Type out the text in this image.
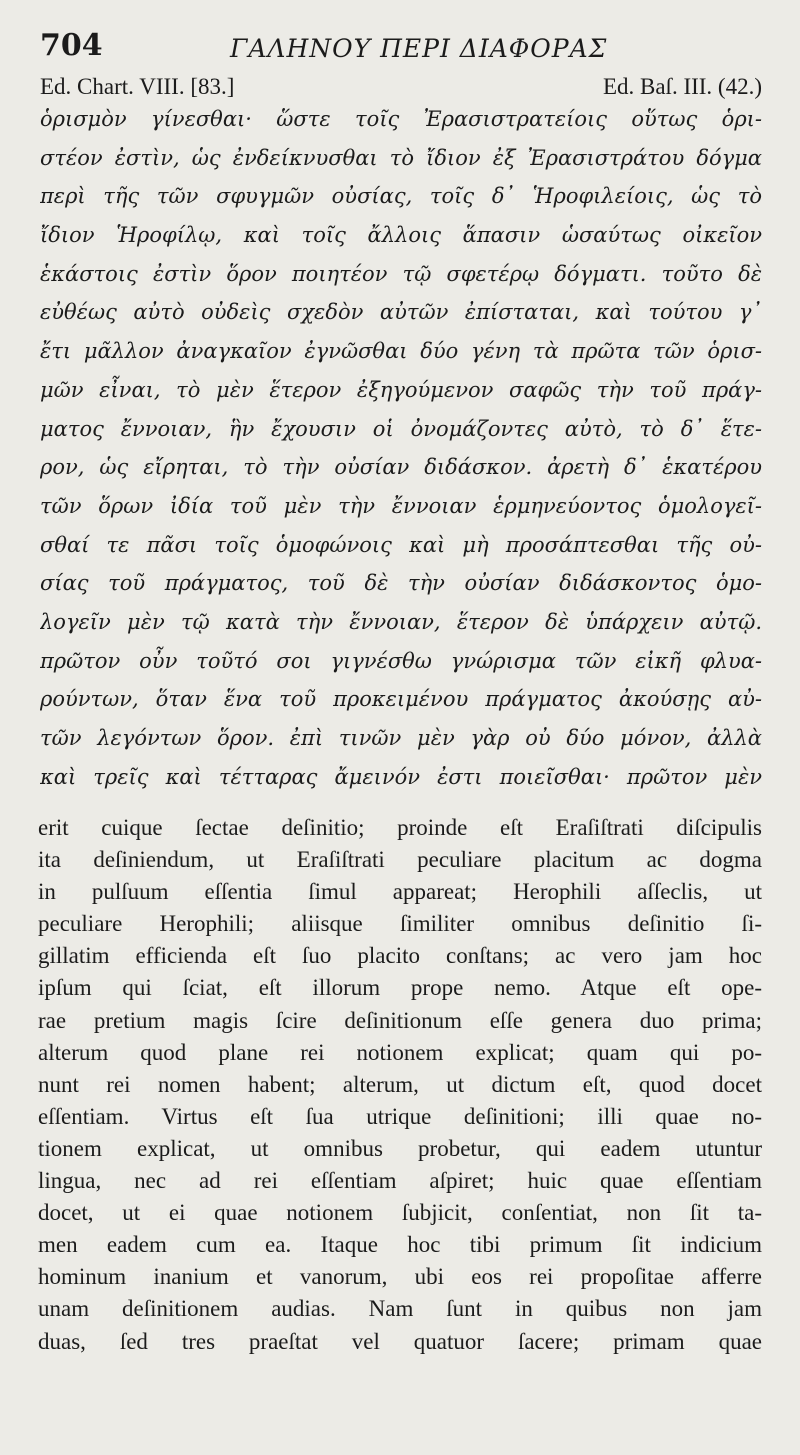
704	ΓΑΛΗΝΟΥ ΠΕΡΙ ΔΙΑΦΟΡΑΣ
Ed. Chart. VIII. [83.]	Ed. Baſ. III. (42.)
ὁρισμὸν γίνεσθαι· ὥστε τοῖς Ἐρασιστρατείοις οὕτως ὁρι-
στέον ἐστὶν, ὡς ἐνδείκνυσθαι τὸ ἴδιον ἐξ Ἐρασιστράτου δόγμα
περὶ τῆς τῶν σφυγμῶν οὐσίας, τοῖς δ᾽ Ἡροφιλείοις, ὡς τὸ
ἴδιον Ἡροφίλῳ, καὶ τοῖς ἄλλοις ἅπασιν ὡσαύτως οἰκεῖον
ἑκάστοις ἐστὶν ὅρον ποιητέον τῷ σφετέρῳ δόγματι. τοῦτο δὲ
εὐθέως αὐτὸ οὐδεὶς σχεδὸν αὐτῶν ἐπίσταται, καὶ τούτου γ᾽
ἔτι μᾶλλον ἀναγκαῖον ἐγνῶσθαι δύο γένη τὰ πρῶτα τῶν ὁρισ-
μῶν εἶναι, τὸ μὲν ἕτερον ἐξηγούμενον σαφῶς τὴν τοῦ πράγ-
ματος ἔννοιαν, ἣν ἔχουσιν οἱ ὀνομάζοντες αὐτὸ, τὸ δ᾽ ἕτε-
ρον, ὡς εἴρηται, τὸ τὴν οὐσίαν διδάσκον. ἀρετὴ δ᾽ ἑκατέρου
τῶν ὅρων ἰδία τοῦ μὲν τὴν ἔννοιαν ἑρμηνεύοντος ὁμολογεῖ-
σθαί τε πᾶσι τοῖς ὁμοφώνοις καὶ μὴ προσάπτεσθαι τῆς οὐ-
σίας τοῦ πράγματος, τοῦ δὲ τὴν οὐσίαν διδάσκοντος ὁμο-
λογεῖν μὲν τῷ κατὰ τὴν ἔννοιαν, ἕτερον δὲ ὑπάρχειν αὐτῷ.
πρῶτον οὖν τοῦτό σοι γιγνέσθω γνώρισμα τῶν εἰκῆ φλυα-
ρούντων, ὅταν ἕνα τοῦ προκειμένου πράγματος ἀκούσῃς αὐ-
τῶν λεγόντων ὅρον. ἐπὶ τινῶν μὲν γὰρ οὐ δύο μόνον, ἀλλὰ
καὶ τρεῖς καὶ τέτταρας ἄμεινόν ἐστι ποιεῖσθαι· πρῶτον μὲν
erit cuique ſectae deſinitio; proinde eſt Eraſiſtrati diſcipulis
ita deſiniendum, ut Eraſiſtrati peculiare placitum ac dogma
in pulſuum eſſentia ſimul appareat; Herophili aſſeclis, ut
peculiare Herophili; aliisque ſimiliter omnibus deſinitio ſi-
gillatim efficienda eſt ſuo placito conſtans; ac vero jam hoc
ipſum qui ſciat, eſt illorum prope nemo. Atque eſt ope-
rae pretium magis ſcire deſinitionum eſſe genera duo prima;
alterum quod plane rei notionem explicat; quam qui po-
nunt rei nomen habent; alterum, ut dictum eſt, quod docet
eſſentiam. Virtus eſt ſua utrique deſinitioni; illi quae no-
tionem explicat, ut omnibus probetur, qui eadem utuntur
lingua, nec ad rei eſſentiam aſpiret; huic quae eſſentiam
docet, ut ei quae notionem ſubjicit, conſentiat, non ſit ta-
men eadem cum ea. Itaque hoc tibi primum ſit indicium
hominum inanium et vanorum, ubi eos rei propoſitae afferre
unam deſinitionem audias. Nam ſunt in quibus non jam
duas, ſed tres praeſtat vel quatuor ſacere; primam quae
